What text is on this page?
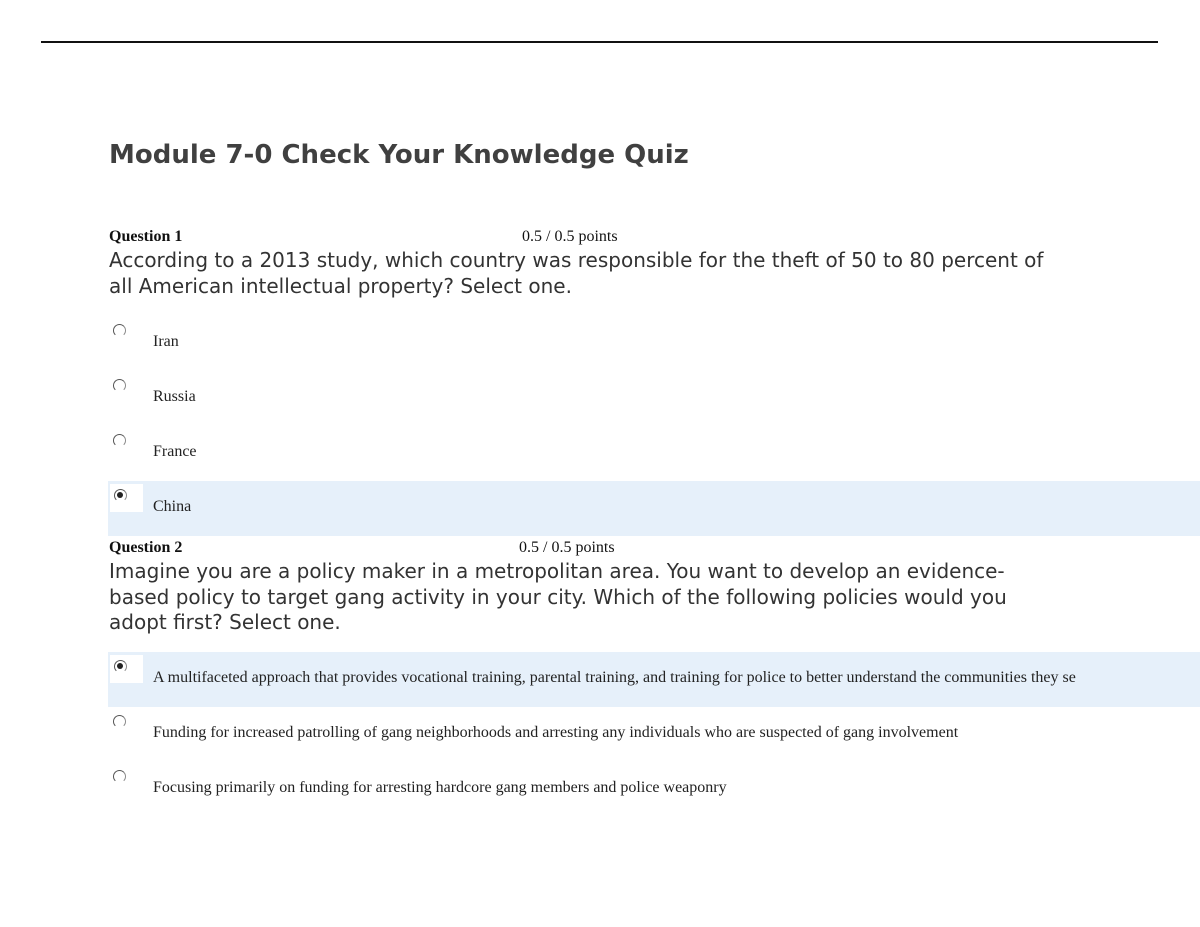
Module 7-0 Check Your Knowledge Quiz
Question 1	0.5 / 0.5 points

According to a 2013 study, which country was responsible for the theft of 50 to 80 percent of all American intellectual property? Select one.

Iran
Russia
France
China
Question 2	0.5 / 0.5 points

Imagine you are a policy maker in a metropolitan area. You want to develop an evidence-based policy to target gang activity in your city. Which of the following policies would you adopt first? Select one.

A multifaceted approach that provides vocational training, parental training, and training for police to better understand the communities they se
Funding for increased patrolling of gang neighborhoods and arresting any individuals who are suspected of gang involvement
Focusing primarily on funding for arresting hardcore gang members and police weaponry
